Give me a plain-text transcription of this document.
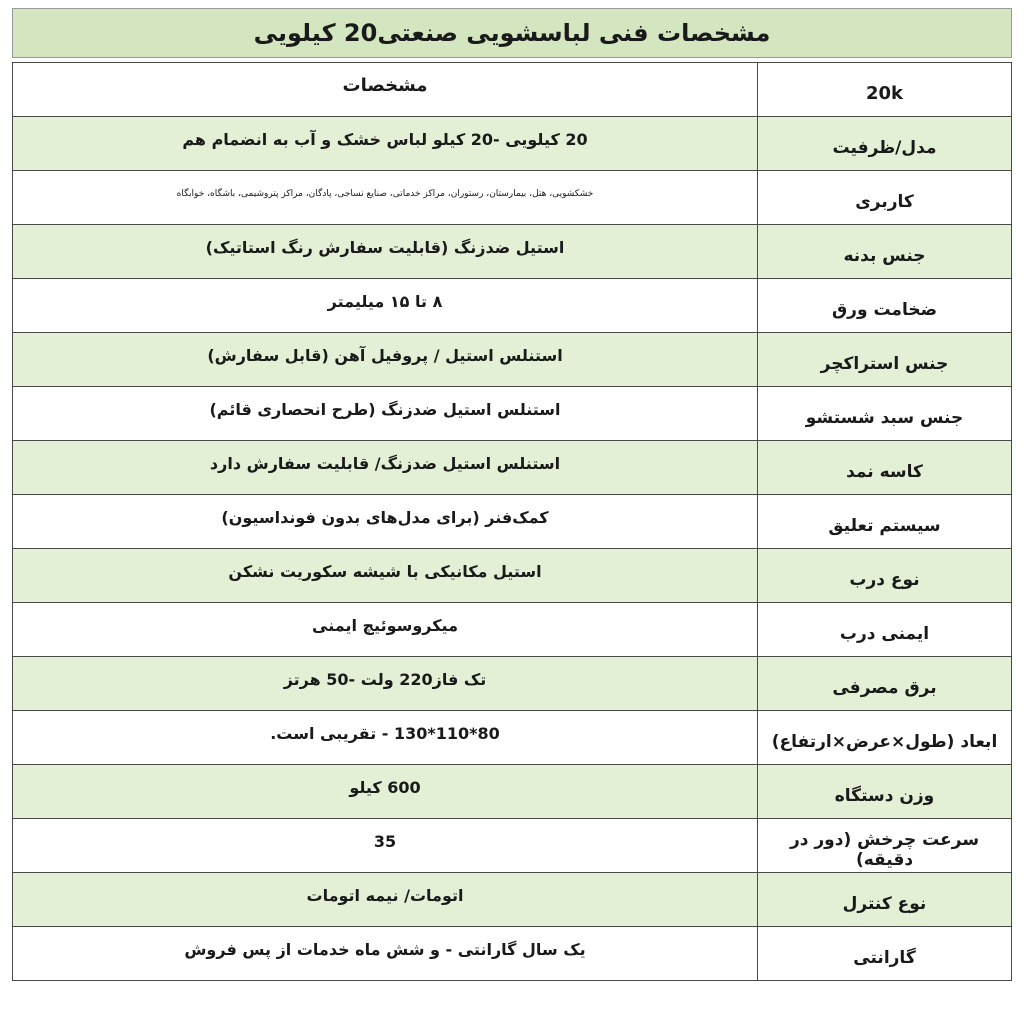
مشخصات فنی لباسشویی صنعتی20 کیلویی
20k	مشخصات
مدل/ظرفیت	20 کیلویی -20 کیلو لباس خشک و آب به انضمام هم
کاربری	خشکشویی، هتل، بیمارستان، رستوران، مراکز خدماتی، صنایع نساجی، پادگان، مراکز پتروشیمی، باشگاه، خوابگاه
جنس بدنه	استیل ضدزنگ (قابلیت سفارش رنگ استاتیک)
ضخامت ورق	۸ تا ۱۵ میلیمتر
جنس استراکچر	استنلس استیل / پروفیل آهن (قابل سفارش)
جنس سبد شستشو	استنلس استیل ضدزنگ (طرح انحصاری قائم)
کاسه نمد	استنلس استیل ضدزنگ/ قابلیت سفارش دارد
سیستم تعلیق	کمک‌فنر (برای مدل‌های بدون فونداسیون)
نوع درب	استیل مکانیکی با شیشه سکوریت نشکن
ایمنی درب	میکروسوئیچ ایمنی
برق مصرفی	تک فاز220 ولت -50 هرتز
ابعاد (طول×عرض×ارتفاع)	80*110*130 - تقریبی است.
وزن دستگاه	600 کیلو
سرعت چرخش (دور در دقیقه)	35
نوع کنترل	اتومات/ نیمه اتومات
گارانتی	یک سال گارانتی - و شش ماه خدمات از پس فروش
